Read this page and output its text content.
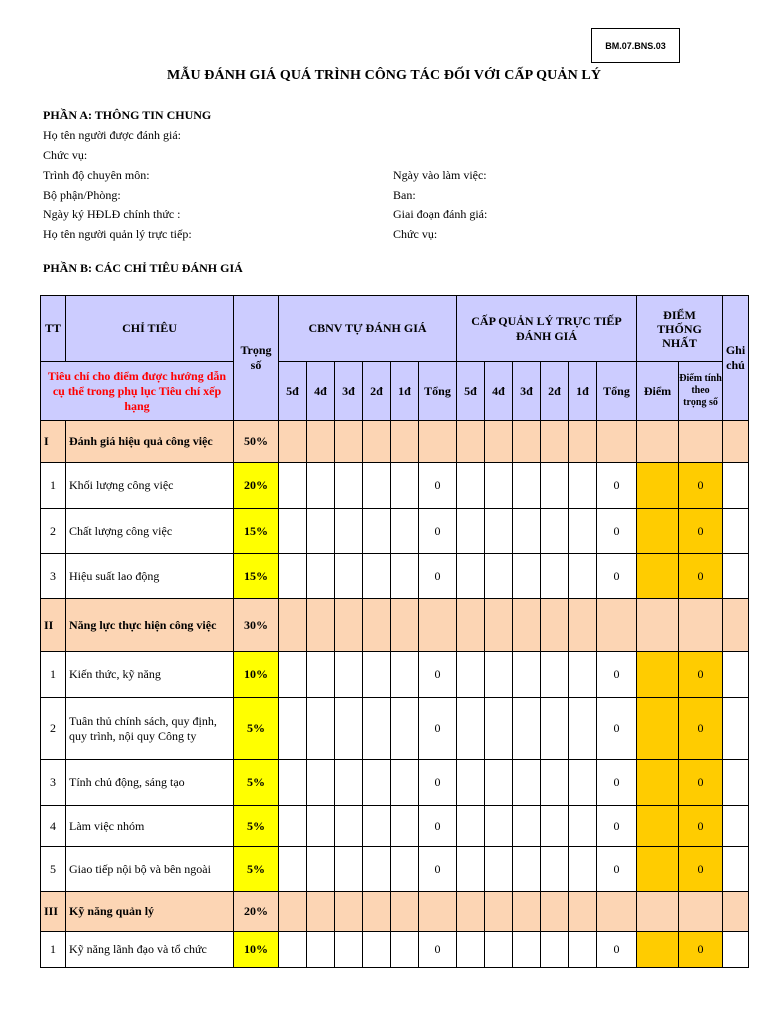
BM.07.BNS.03
MẪU ĐÁNH GIÁ QUÁ TRÌNH CÔNG TÁC ĐỐI VỚI CẤP QUẢN LÝ
PHẦN A: THÔNG TIN CHUNG
Họ tên người được đánh giá:
Chức vụ:
Trình độ chuyên môn:
Bộ phận/Phòng:
Ngày ký HĐLĐ chính thức :
Họ tên người quản lý trực tiếp:
Ngày vào làm việc:
Ban:
Giai đoạn đánh giá:
Chức vụ:
PHẦN B: CÁC CHỈ TIÊU ĐÁNH GIÁ
TT	CHỈ TIÊU	Trọng số	CBNV TỰ ĐÁNH GIÁ						CẤP QUẢN LÝ TRỰC TIẾP ĐÁNH GIÁ						ĐIỂM THỐNG NHẤT		Ghi chú
Tiêu chí cho điểm được hướng dẫn cụ thể trong phụ lục Tiêu chí xếp hạng			5đ	4đ	3đ	2đ	1đ	Tổng	5đ	4đ	3đ	2đ	1đ	Tổng	Điểm	Điểm tính theo trọng số	
I	Đánh giá hiệu quả công việc	50%															
1	Khối lượng công việc	20%						0						0		0	
2	Chất lượng công việc	15%						0						0		0	
3	Hiệu suất lao động	15%						0						0		0	
II	Năng lực thực hiện công việc	30%															
1	Kiến thức, kỹ năng	10%						0						0		0	
2	Tuân thủ chính sách, quy định, quy trình, nội quy Công ty	5%						0						0		0	
3	Tính chủ động, sáng tạo	5%						0						0		0	
4	Làm việc nhóm	5%						0						0		0	
5	Giao tiếp nội bộ và bên ngoài	5%						0						0		0	
III	Kỹ năng quản lý	20%															
1	Kỹ năng lãnh đạo và tổ chức	10%						0						0		0	
